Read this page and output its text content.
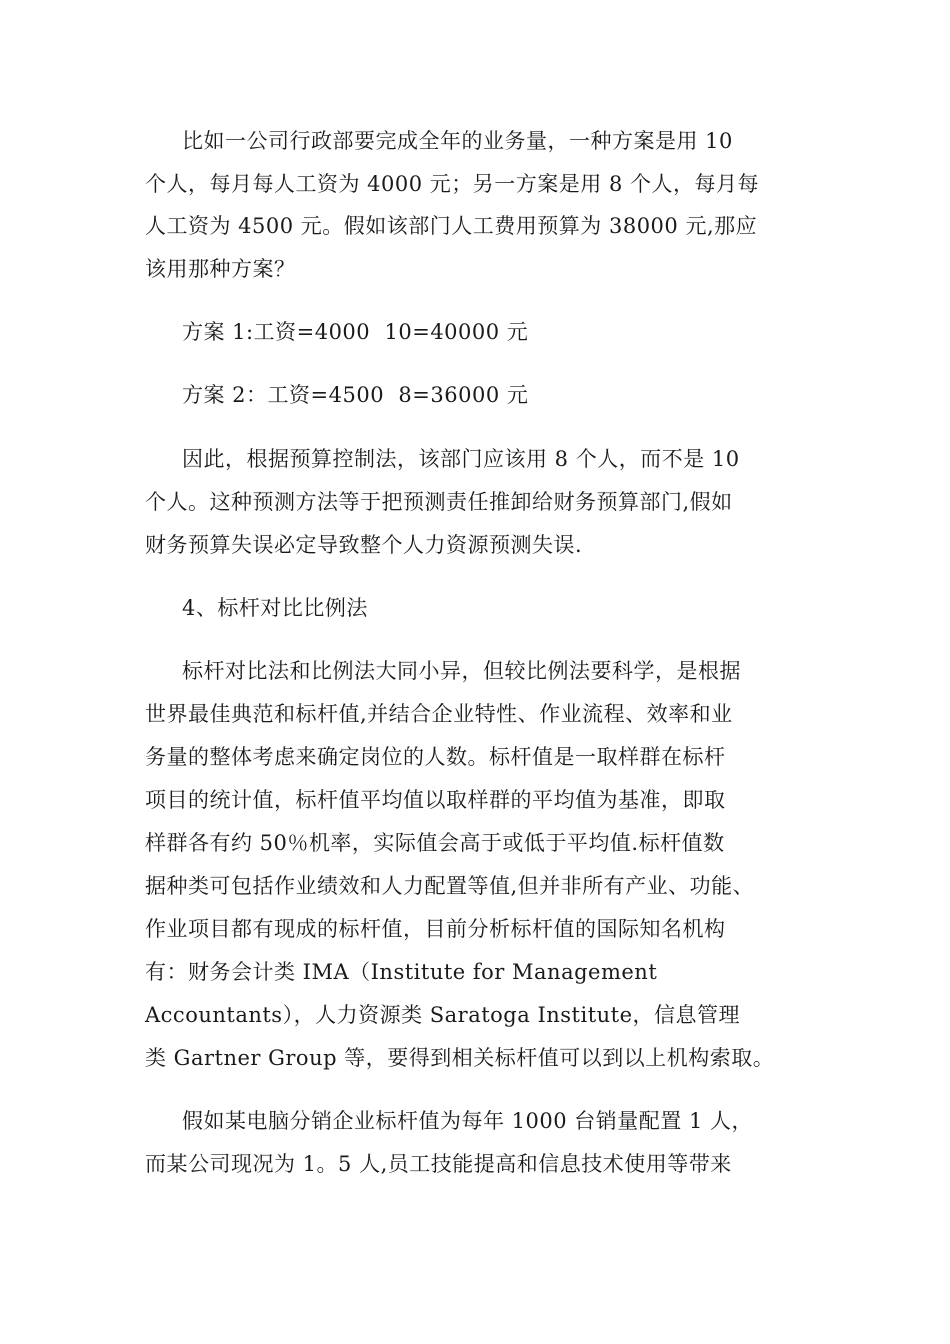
比如一公司行政部要完成全年的业务量，一种方案是用 10
个人，每月每人工资为 4000 元；另一方案是用 8 个人，每月每
人工资为 4500 元。假如该部门人工费用预算为 38000 元,那应
该用那种方案？
方案 1:工资=4000  10=40000 元
方案 2：工资=4500  8=36000 元
因此，根据预算控制法，该部门应该用 8 个人，而不是 10
个人。这种预测方法等于把预测责任推卸给财务预算部门,假如
财务预算失误必定导致整个人力资源预测失误.
4、标杆对比比例法
标杆对比法和比例法大同小异，但较比例法要科学，是根据
世界最佳典范和标杆值,并结合企业特性、作业流程、效率和业
务量的整体考虑来确定岗位的人数。标杆值是一取样群在标杆
项目的统计值，标杆值平均值以取样群的平均值为基准，即取
样群各有约 50％机率，实际值会高于或低于平均值.标杆值数
据种类可包括作业绩效和人力配置等值,但并非所有产业、功能、
作业项目都有现成的标杆值，目前分析标杆值的国际知名机构
有：财务会计类 IMA（Institute for Management
Accountants），人力资源类 Saratoga Institute，信息管理
类 Gartner Group 等，要得到相关标杆值可以到以上机构索取。
假如某电脑分销企业标杆值为每年 1000 台销量配置 1 人，
而某公司现况为 1。5 人,员工技能提高和信息技术使用等带来
